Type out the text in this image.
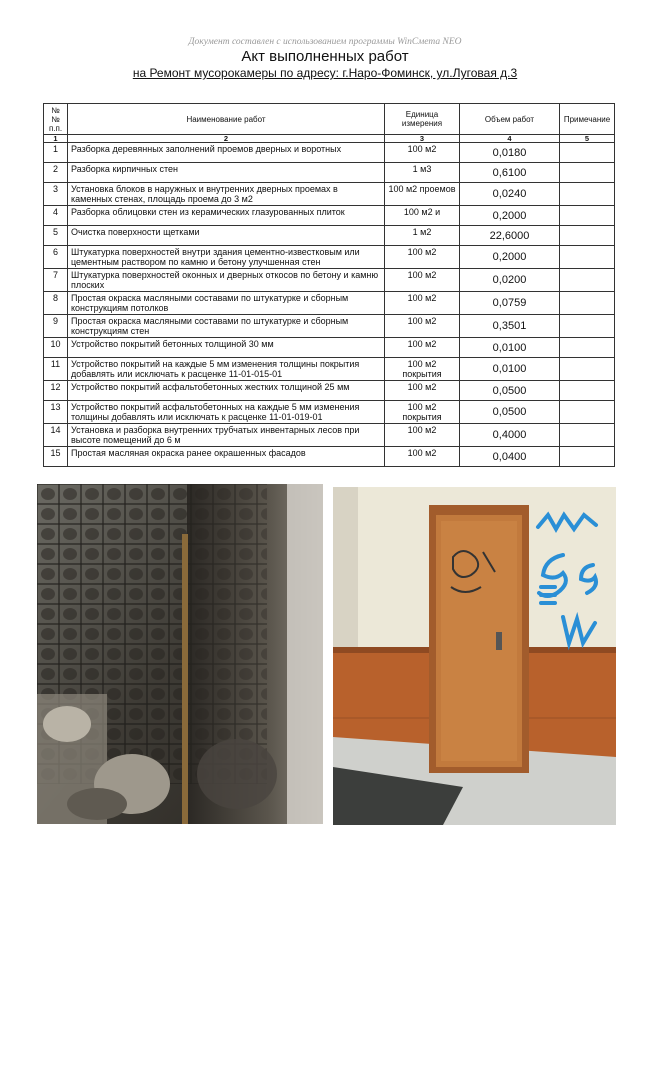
Документ составлен с использованием программы WinСмета NEO
Акт выполненных работ
на Ремонт мусорокамеры по адресу: г.Наро-Фоминск, ул.Луговая д.3
№№ п.п.	Наименование работ	Единица измерения	Объем работ	Примечание
1	2	3	4	5
1	Разборка деревянных заполнений проемов дверных и воротных	100 м2	0,0180	
2	Разборка кирпичных стен	1 м3	0,6100	
3	Установка блоков в наружных и внутренних дверных проемах в каменных стенах, площадь проема до 3 м2	100 м2 проемов	0,0240	
4	Разборка облицовки стен из керамических глазурованных плиток	100 м2 и	0,2000	
5	Очистка поверхности щетками	1 м2	22,6000	
6	Штукатурка поверхностей внутри здания цементно-известковым или цементным раствором по камню и бетону улучшенная стен	100 м2	0,2000	
7	Штукатурка поверхностей оконных и дверных откосов по бетону и камню плоских	100 м2	0,0200	
8	Простая окраска масляными составами по штукатурке и сборным конструкциям потолков	100 м2	0,0759	
9	Простая окраска масляными составами по штукатурке и сборным конструкциям стен	100 м2	0,3501	
10	Устройство покрытий бетонных толщиной 30 мм	100 м2	0,0100	
11	Устройство покрытий на каждые 5 мм изменения толщины покрытия добавлять или исключать к расценке 11-01-015-01	100 м2 покрытия	0,0100	
12	Устройство покрытий асфальтобетонных жестких толщиной 25 мм	100 м2	0,0500	
13	Устройство покрытий асфальтобетонных на каждые 5 мм изменения толщины добавлять или исключать к расценке 11-01-019-01	100 м2 покрытия	0,0500	
14	Установка и разборка внутренних трубчатых инвентарных лесов при высоте помещений до 6 м	100 м2	0,4000	
15	Простая масляная окраска ранее окрашенных фасадов	100 м2	0,0400	
